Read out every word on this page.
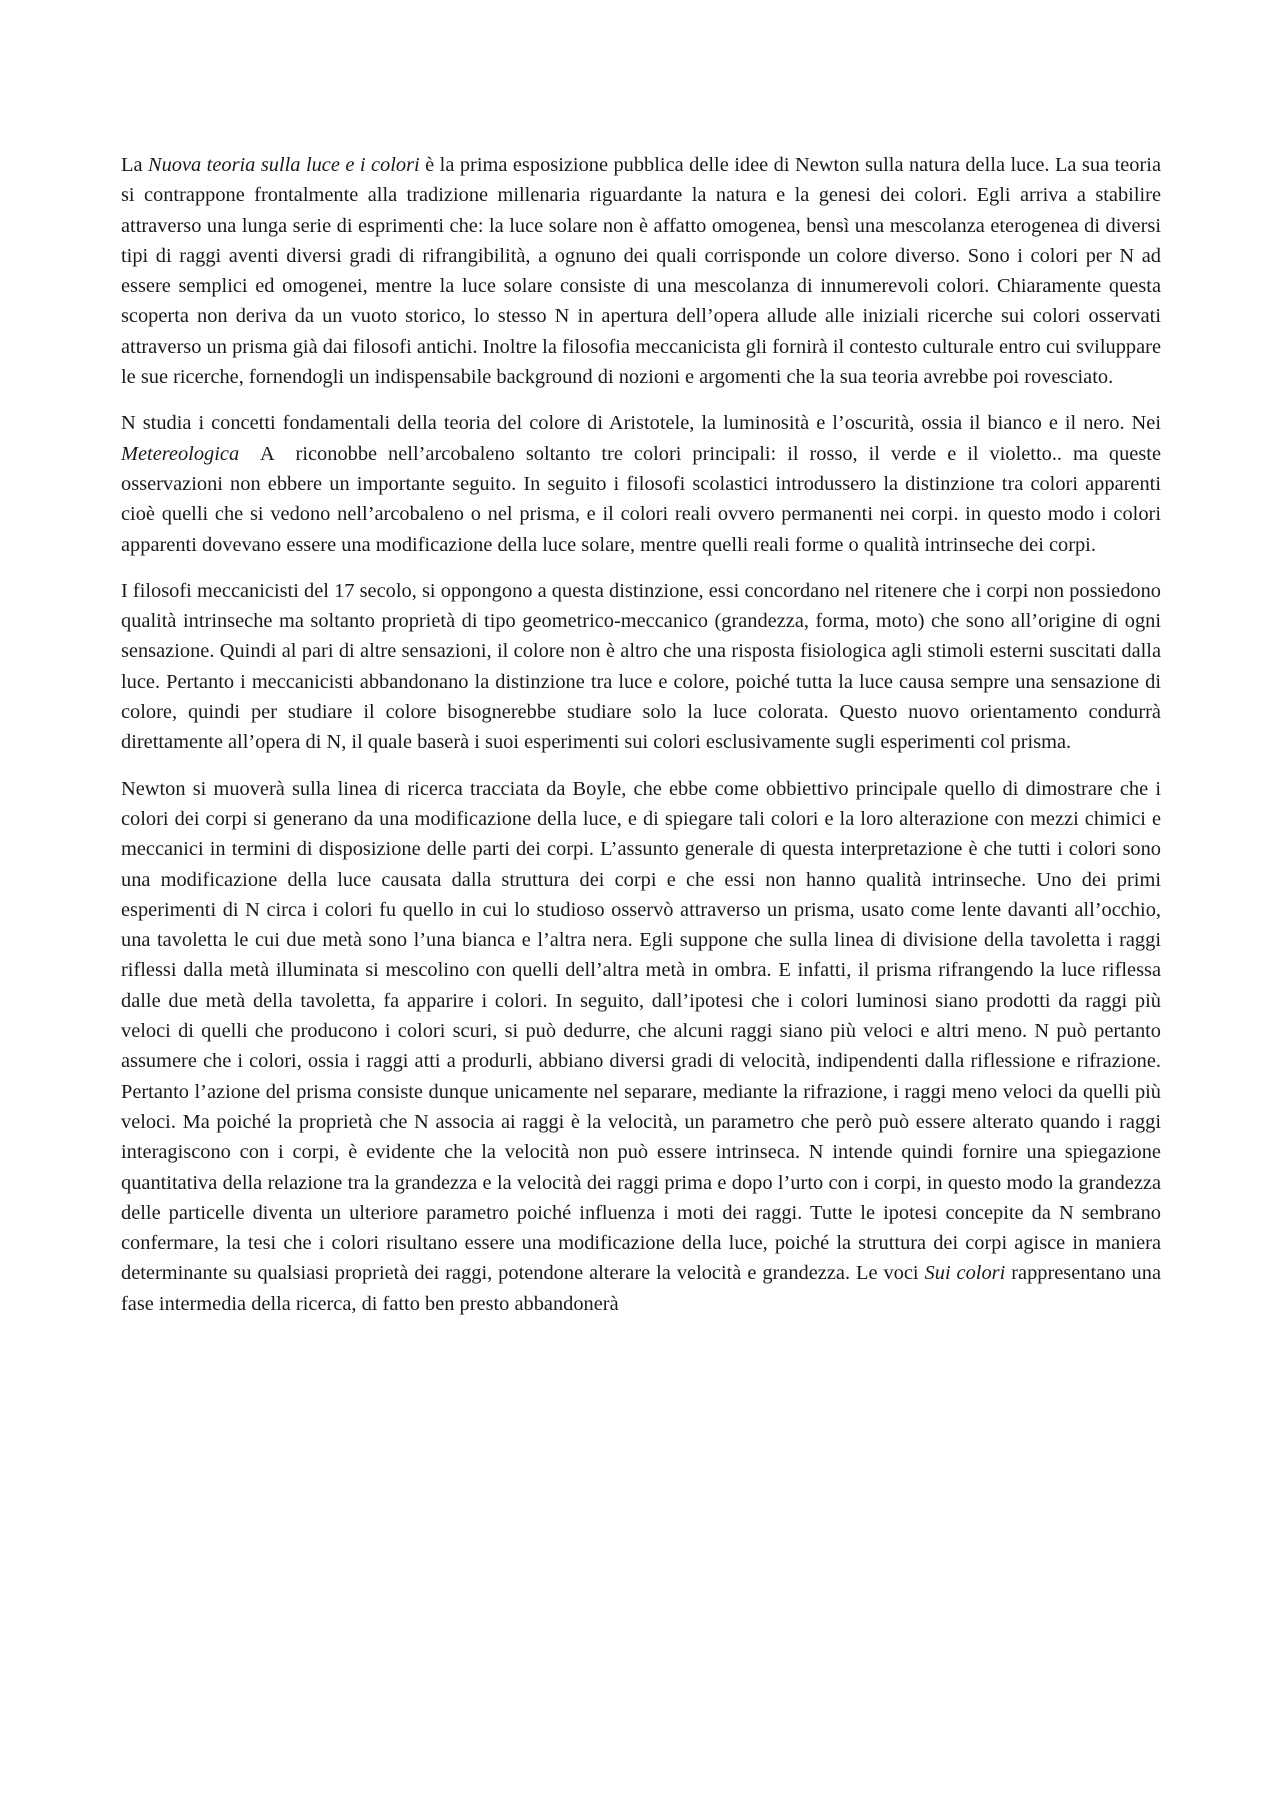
La Nuova teoria sulla luce e i colori è la prima esposizione pubblica delle idee di Newton sulla natura della luce. La sua teoria si contrappone frontalmente alla tradizione millenaria riguardante la natura e la genesi dei colori. Egli arriva a stabilire attraverso una lunga serie di esprimenti che: la luce solare non è affatto omogenea, bensì una mescolanza eterogenea di diversi tipi di raggi aventi diversi gradi di rifrangibilità, a ognuno dei quali corrisponde un colore diverso. Sono i colori per N ad essere semplici ed omogenei, mentre la luce solare consiste di una mescolanza di innumerevoli colori. Chiaramente questa scoperta non deriva da un vuoto storico, lo stesso N in apertura dell’opera allude alle iniziali ricerche sui colori osservati attraverso un prisma già dai filosofi antichi. Inoltre la filosofia meccanicista gli fornirà il contesto culturale entro cui sviluppare le sue ricerche, fornendogli un indispensabile background di nozioni e argomenti che la sua teoria avrebbe poi rovesciato.

N studia i concetti fondamentali della teoria del colore di Aristotele, la luminosità e l’oscurità, ossia il bianco e il nero. Nei Metereologica  A  riconobbe nell’arcobaleno soltanto tre colori principali: il rosso, il verde e il violetto.. ma queste osservazioni non ebbere un importante seguito. In seguito i filosofi scolastici introdussero la distinzione tra colori apparenti cioè quelli che si vedono nell’arcobaleno o nel prisma, e il colori reali ovvero permanenti nei corpi. in questo modo i colori apparenti dovevano essere una modificazione della luce solare, mentre quelli reali forme o qualità intrinseche dei corpi.

I filosofi meccanicisti del 17 secolo, si oppongono a questa distinzione, essi concordano nel ritenere che i corpi non possiedono qualità intrinseche ma soltanto proprietà di tipo geometrico-meccanico (grandezza, forma, moto) che sono all’origine di ogni sensazione. Quindi al pari di altre sensazioni, il colore non è altro che una risposta fisiologica agli stimoli esterni suscitati dalla luce. Pertanto i meccanicisti abbandonano la distinzione tra luce e colore, poiché tutta la luce causa sempre una sensazione di colore, quindi per studiare il colore bisognerebbe studiare solo la luce colorata. Questo nuovo orientamento condurrà direttamente all’opera di N, il quale baserà i suoi esperimenti sui colori esclusivamente sugli esperimenti col prisma.

Newton si muoverà sulla linea di ricerca tracciata da Boyle, che ebbe come obbiettivo principale quello di dimostrare che i colori dei corpi si generano da una modificazione della luce, e di spiegare tali colori e la loro alterazione con mezzi chimici e meccanici in termini di disposizione delle parti dei corpi. L’assunto generale di questa interpretazione è che tutti i colori sono una modificazione della luce causata dalla struttura dei corpi e che essi non hanno qualità intrinseche. Uno dei primi esperimenti di N circa i colori fu quello in cui lo studioso osservò attraverso un prisma, usato come lente davanti all’occhio, una tavoletta le cui due metà sono l’una bianca e l’altra nera. Egli suppone che sulla linea di divisione della tavoletta i raggi riflessi dalla metà illuminata si mescolino con quelli dell’altra metà in ombra. E infatti, il prisma rifrangendo la luce riflessa dalle due metà della tavoletta, fa apparire i colori. In seguito, dall’ipotesi che i colori luminosi siano prodotti da raggi più veloci di quelli che producono i colori scuri, si può dedurre, che alcuni raggi siano più veloci e altri meno. N può pertanto assumere che i colori, ossia i raggi atti a produrli, abbiano diversi gradi di velocità, indipendenti dalla riflessione e rifrazione. Pertanto l’azione del prisma consiste dunque unicamente nel separare, mediante la rifrazione, i raggi meno veloci da quelli più veloci. Ma poiché la proprietà che N associa ai raggi è la velocità, un parametro che però può essere alterato quando i raggi interagiscono con i corpi, è evidente che la velocità non può essere intrinseca. N intende quindi fornire una spiegazione quantitativa della relazione tra la grandezza e la velocità dei raggi prima e dopo l’urto con i corpi, in questo modo la grandezza delle particelle diventa un ulteriore parametro poiché influenza i moti dei raggi. Tutte le ipotesi concepite da N sembrano confermare, la tesi che i colori risultano essere una modificazione della luce, poiché la struttura dei corpi agisce in maniera determinante su qualsiasi proprietà dei raggi, potendone alterare la velocità e grandezza. Le voci Sui colori rappresentano una fase intermedia della ricerca, di fatto ben presto abbandonerà
